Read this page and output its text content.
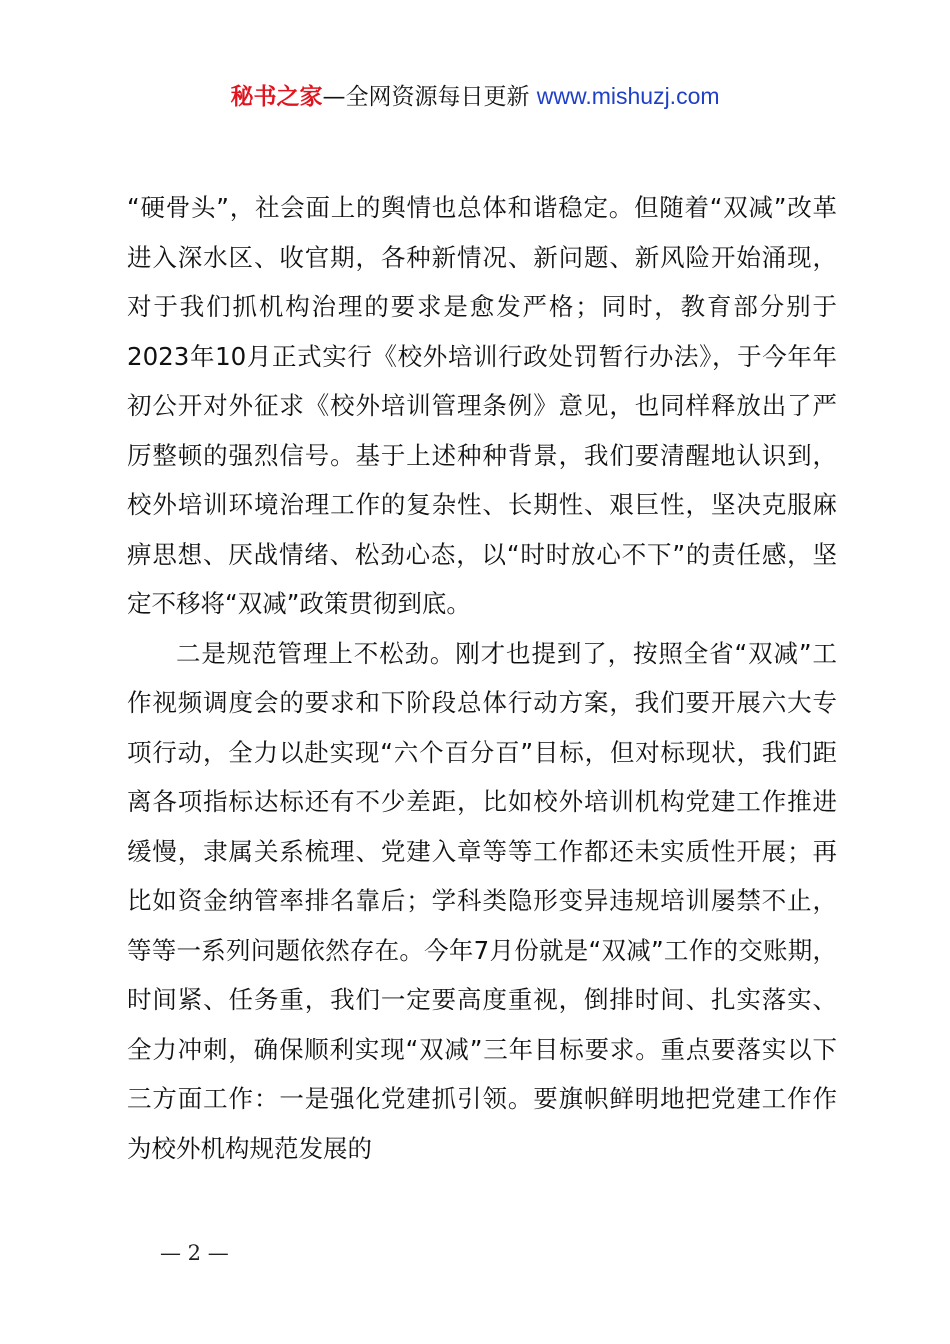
秘书之家—全网资源每日更新 www.mishuzj.com

“硬骨头”，社会面上的舆情也总体和谐稳定。但随着“双减”改革进入深水区、收官期，各种新情况、新问题、新风险开始涌现，对于我们抓机构治理的要求是愈发严格；同时，教育部分别于2023年10月正式实行《校外培训行政处罚暂行办法》，于今年年初公开对外征求《校外培训管理条例》意见，也同样释放出了严厉整顿的强烈信号。基于上述种种背景，我们要清醒地认识到，校外培训环境治理工作的复杂性、长期性、艰巨性，坚决克服麻痹思想、厌战情绪、松劲心态，以“时时放心不下”的责任感，坚定不移将“双减”政策贯彻到底。

二是规范管理上不松劲。刚才也提到了，按照全省“双减”工作视频调度会的要求和下阶段总体行动方案，我们要开展六大专项行动，全力以赴实现“六个百分百”目标，但对标现状，我们距离各项指标达标还有不少差距，比如校外培训机构党建工作推进缓慢，隶属关系梳理、党建入章等等工作都还未实质性开展；再比如资金纳管率排名靠后；学科类隐形变异违规培训屡禁不止，等等一系列问题依然存在。今年7月份就是“双减”工作的交账期，时间紧、任务重，我们一定要高度重视，倒排时间、扎实落实、全力冲刺，确保顺利实现“双减”三年目标要求。重点要落实以下三方面工作：一是强化党建抓引领。要旗帜鲜明地把党建工作作为校外机构规范发展的

— 2 —
